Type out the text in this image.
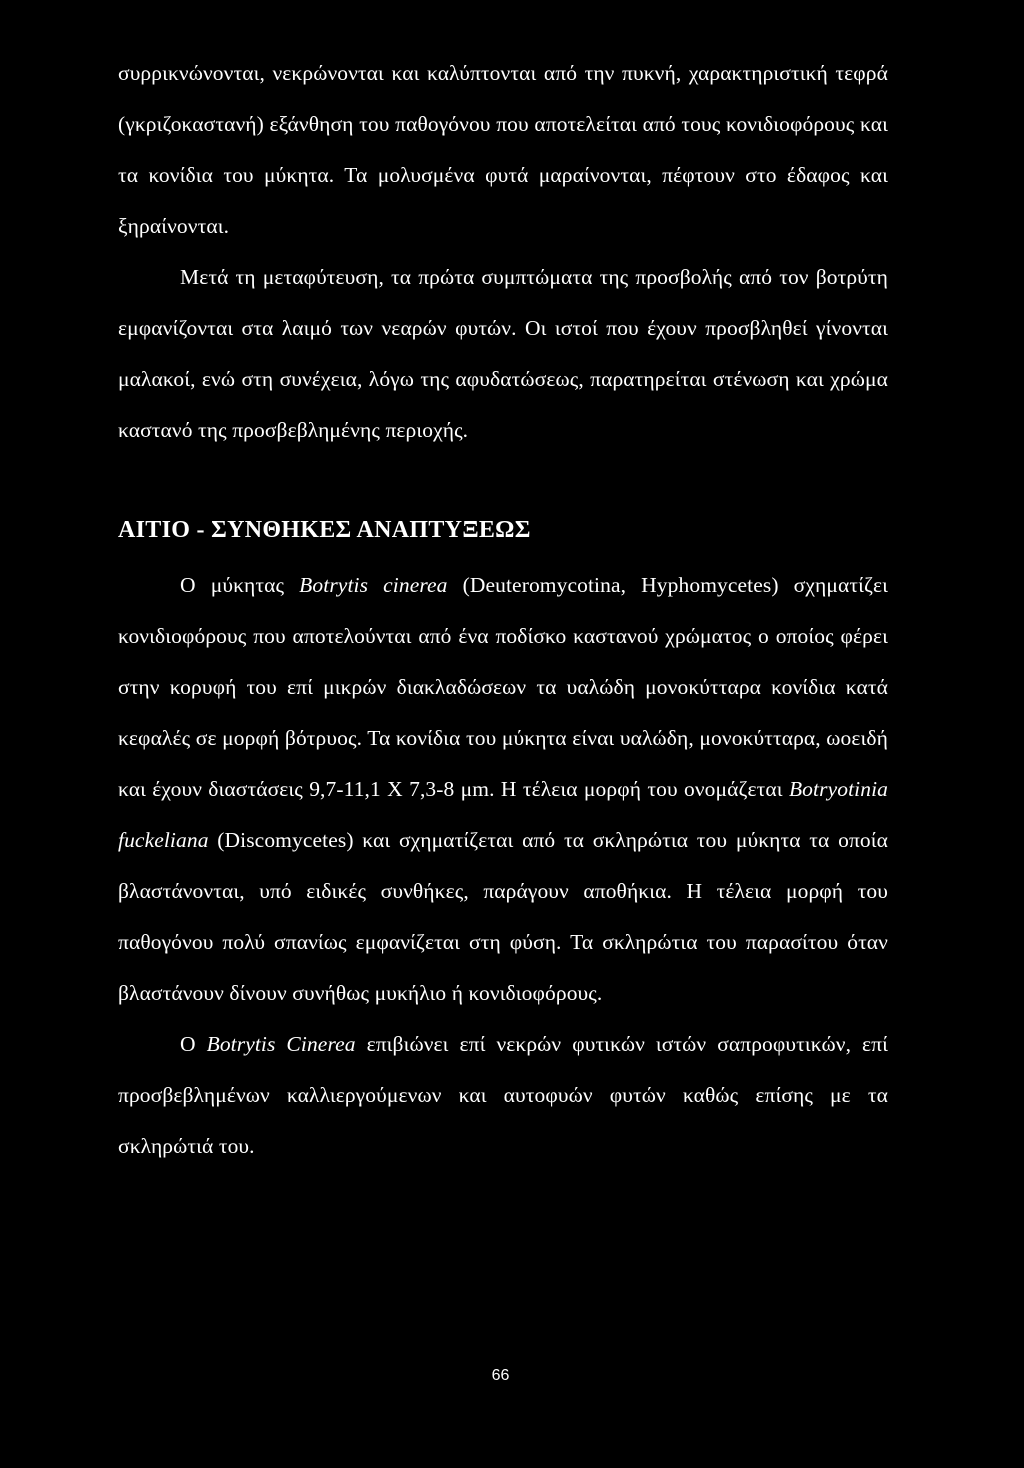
συρρικνώνονται, νεκρώνονται και καλύπτονται από την πυκνή, χαρακτηριστική τεφρά (γκριζοκαστανή) εξάνθηση του παθογόνου που αποτελείται από τους κονιδιοφόρους και τα κονίδια του μύκητα. Τα μολυσμένα φυτά μαραίνονται, πέφτουν στο έδαφος και ξηραίνονται.

Μετά τη μεταφύτευση, τα πρώτα συμπτώματα της προσβολής από τον βοτρύτη εμφανίζονται στα λαιμό των νεαρών φυτών. Οι ιστοί που έχουν προσβληθεί γίνονται μαλακοί, ενώ στη συνέχεια, λόγω της αφυδατώσεως, παρατηρείται στένωση και χρώμα καστανό της προσβεβλημένης περιοχής.

ΑΙΤΙΟ - ΣΥΝΘΗΚΕΣ ΑΝΑΠΤΥΞΕΩΣ

Ο μύκητας Botrytis cinerea (Deuteromycotina, Hyphomycetes) σχηματίζει κονιδιοφόρους που αποτελούνται από ένα ποδίσκο καστανού χρώματος ο οποίος φέρει στην κορυφή του επί μικρών διακλαδώσεων τα υαλώδη μονοκύτταρα κονίδια κατά κεφαλές σε μορφή βότρυος. Τα κονίδια του μύκητα είναι υαλώδη, μονοκύτταρα, ωοειδή και έχουν διαστάσεις 9,7-11,1 X 7,3-8 μm. Η τέλεια μορφή του ονομάζεται Botryotinia fuckeliana (Discomycetes) και σχηματίζεται από τα σκληρώτια του μύκητα τα οποία βλαστάνονται, υπό ειδικές συνθήκες, παράγουν αποθήκια. Η τέλεια μορφή του παθογόνου πολύ σπανίως εμφανίζεται στη φύση. Τα σκληρώτια του παρασίτου όταν βλαστάνουν δίνουν συνήθως μυκήλιο ή κονιδιοφόρους.

Ο Botrytis Cinerea επιβιώνει επί νεκρών φυτικών ιστών σαπροφυτικών, επί προσβεβλημένων καλλιεργούμενων και αυτοφυών φυτών καθώς επίσης με τα σκληρώτιά του.

66
